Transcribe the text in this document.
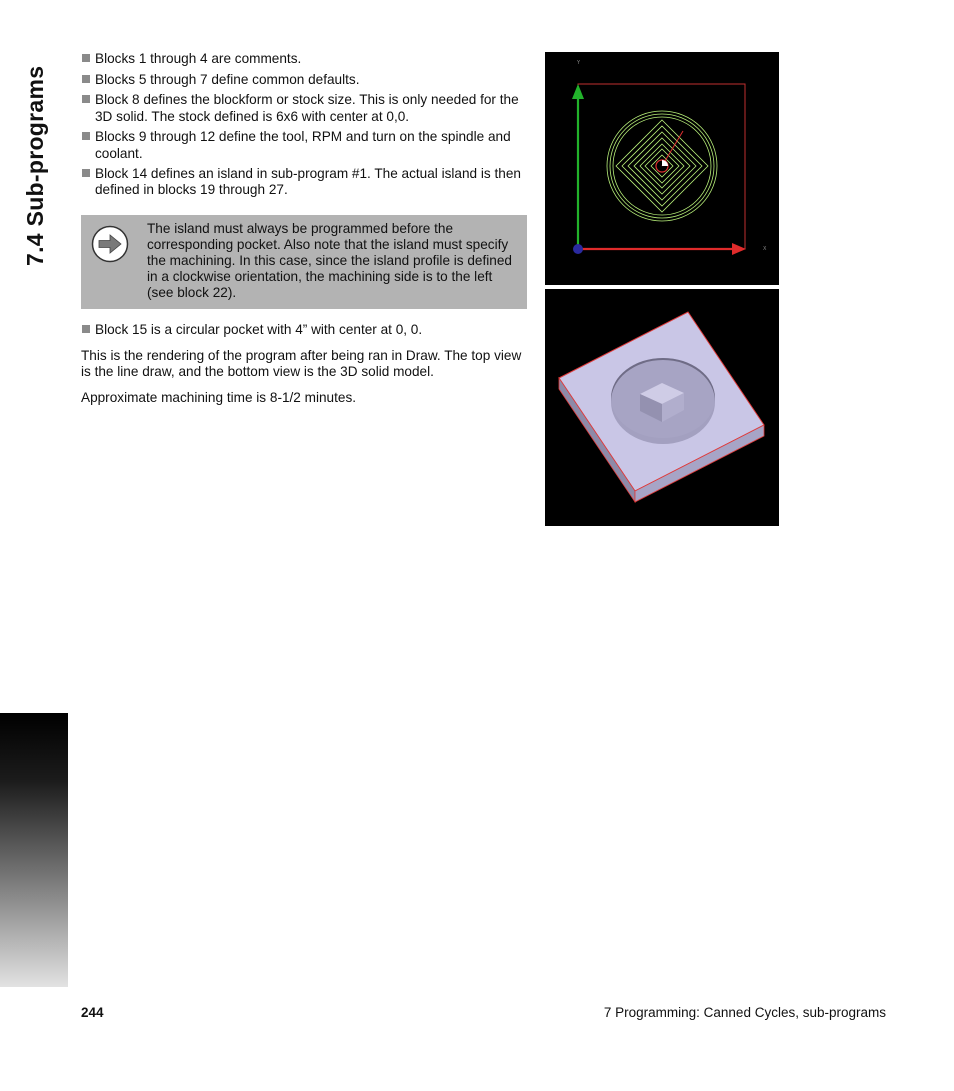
7.4 Sub-programs
Blocks 1 through 4 are comments.
Blocks 5 through 7 define common defaults.
Block 8 defines the blockform or stock size. This is only needed for the 3D solid. The stock defined is 6x6 with center at 0,0.
Blocks 9 through 12 define the tool, RPM and turn on the spindle and coolant.
Block 14 defines an island in sub-program #1. The actual island is then defined in blocks 19 through 27.
The island must always be programmed before the corresponding pocket. Also note that the island must specify the machining. In this case, since the island profile is defined in a clockwise orientation, the machining side is to the left (see block 22).
Block 15 is a circular pocket with 4” with center at 0, 0.

This is the rendering of the program after being ran in Draw. The top view is the line draw, and the bottom view is the 3D solid model.

Approximate machining time is 8-1/2 minutes.

Y
X
244	7 Programming: Canned Cycles, sub-programs
